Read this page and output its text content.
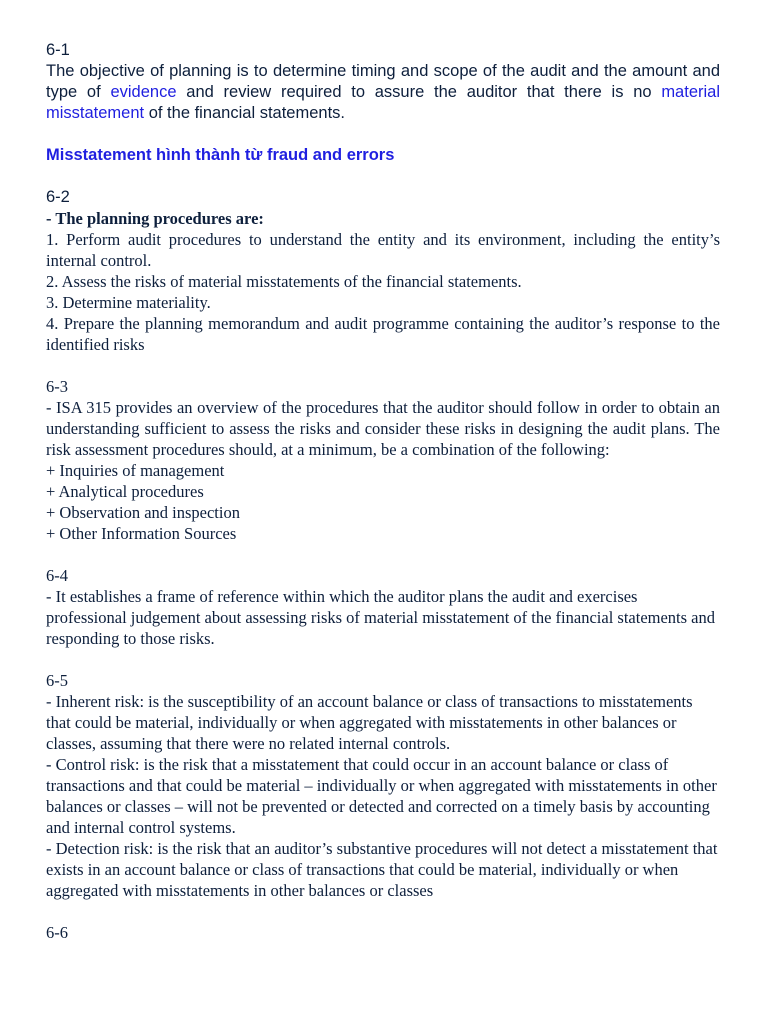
6-1

The objective of planning is to determine timing and scope of the audit and the amount and type of evidence and review required to assure the auditor that there is no material misstatement of the financial statements.

Misstatement hình thành từ fraud and errors

6-2

- The planning procedures are:

1. Perform audit procedures to understand the entity and its environment, including the entity’s internal control.

2. Assess the risks of material misstatements of the financial statements.

3. Determine materiality.

4. Prepare the planning memorandum and audit programme containing the auditor’s response to the identified risks

6-3

- ISA 315 provides an overview of the procedures that the auditor should follow in order to obtain an understanding sufficient to assess the risks and consider these risks in designing the audit plans. The risk assessment procedures should, at a minimum, be a combination of the following:

+ Inquiries of management

+ Analytical procedures

+ Observation and inspection

+ Other Information Sources

6-4

- It establishes a frame of reference within which the auditor plans the audit and exercises professional judgement about assessing risks of material misstatement of the financial statements and responding to those risks.

6-5

- Inherent risk: is the susceptibility of an account balance or class of transactions to misstatements that could be material, individually or when aggregated with misstatements in other balances or classes, assuming that there were no related internal controls.

- Control risk: is the risk that a misstatement that could occur in an account balance or class of transactions and that could be material – individually or when aggregated with misstatements in other balances or classes – will not be prevented or detected and corrected on a timely basis by accounting and internal control systems.

- Detection risk: is the risk that an auditor’s substantive procedures will not detect a misstatement that exists in an account balance or class of transactions that could be material, individually or when aggregated with misstatements in other balances or classes

6-6
